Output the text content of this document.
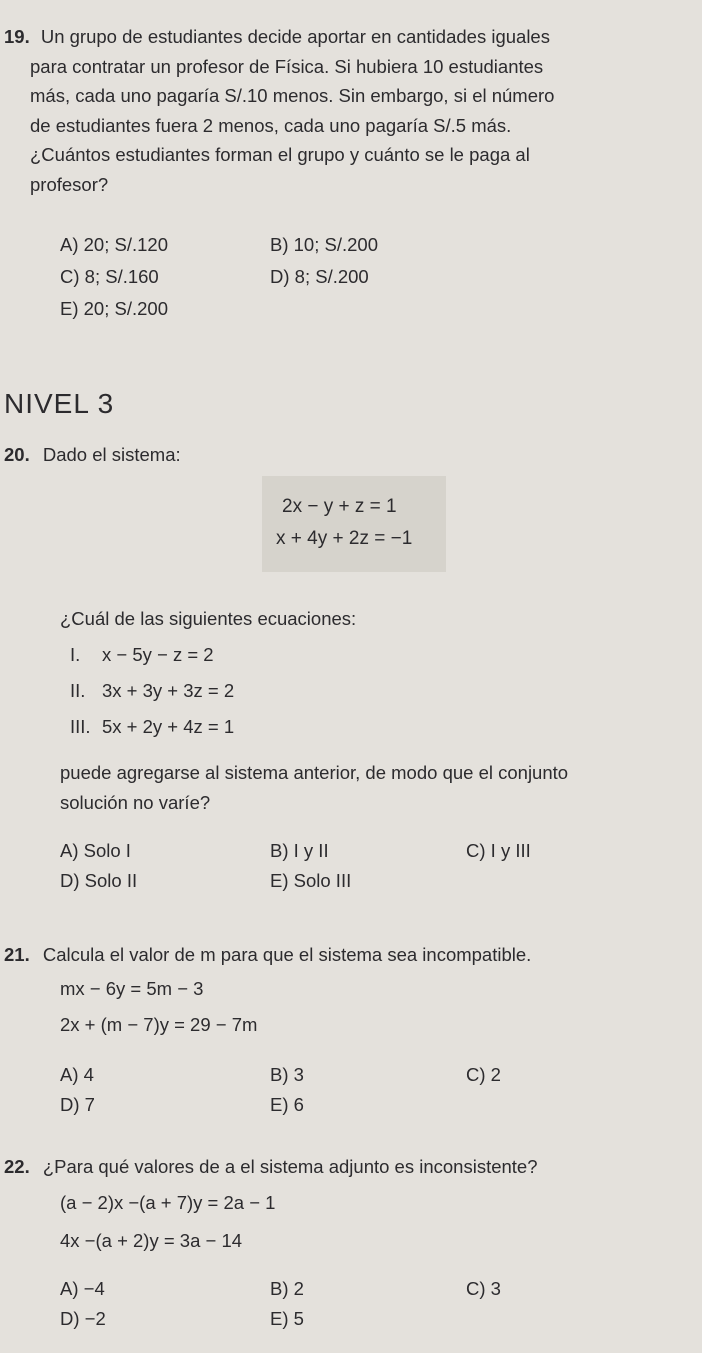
19. Un grupo de estudiantes decide aportar en cantidades iguales
para contratar un profesor de Física. Si hubiera 10 estudiantes
más, cada uno pagaría S/.10 menos. Sin embargo, si el número
de estudiantes fuera 2 menos, cada uno pagaría S/.5 más.
¿Cuántos estudiantes forman el grupo y cuánto se le paga al
profesor?
A) 20; S/.120	B) 10; S/.200
C) 8; S/.160	D) 8; S/.200
E) 20; S/.200
NIVEL 3
20. Dado el sistema:
2x − y + z = 1
x + 4y + 2z = −1
¿Cuál de las siguientes ecuaciones:
I. x − 5y − z = 2
II. 3x + 3y + 3z = 2
III. 5x + 2y + 4z = 1
puede agregarse al sistema anterior, de modo que el conjunto
solución no varíe?
A) Solo I	B) I y II	C) I y III
D) Solo II	E) Solo III
21. Calcula el valor de m para que el sistema sea incompatible.
mx − 6y = 5m − 3
2x + (m − 7)y = 29 − 7m
A) 4	B) 3	C) 2
D) 7	E) 6
22. ¿Para qué valores de a el sistema adjunto es inconsistente?
(a − 2)x −(a + 7)y = 2a − 1
4x −(a + 2)y = 3a − 14
A) −4	B) 2	C) 3
D) −2	E) 5
